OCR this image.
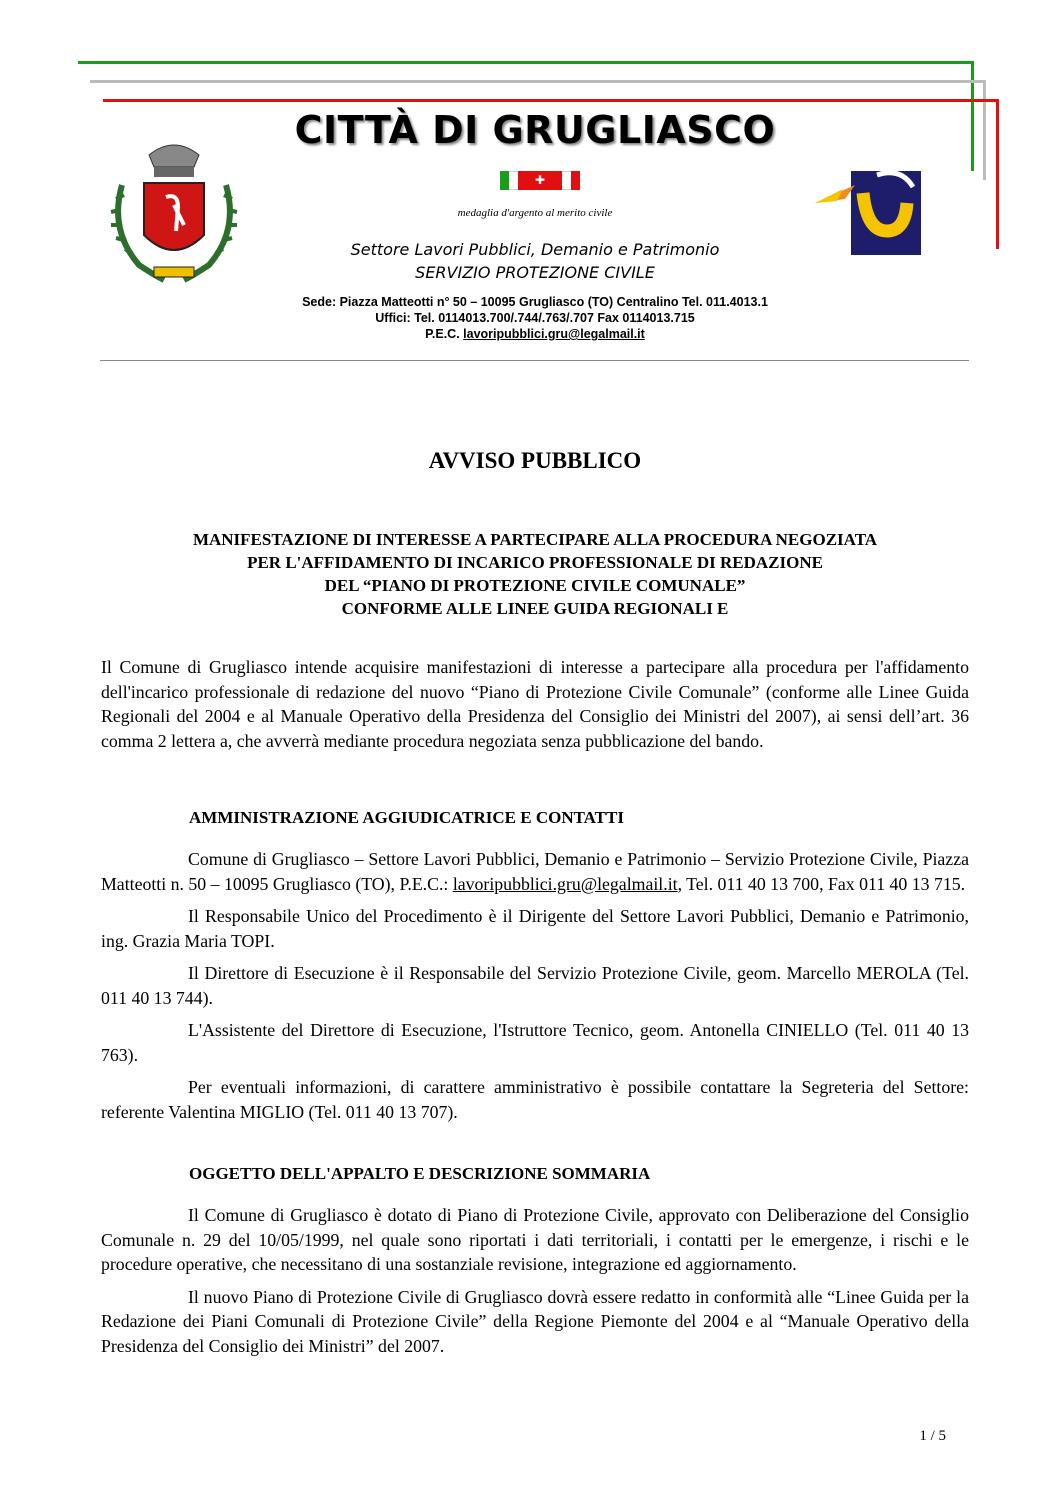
CITTÀ DI GRUGLIASCO
✚
medaglia d'argento al merito civile
Settore Lavori Pubblici, Demanio e Patrimonio
SERVIZIO PROTEZIONE CIVILE
Sede: Piazza Matteotti n° 50 – 10095 Grugliasco (TO) Centralino Tel. 011.4013.1
Uffici: Tel. 0114013.700/.744/.763/.707 Fax 0114013.715
P.E.C. lavoripubblici.gru@legalmail.it
AVVISO PUBBLICO
MANIFESTAZIONE DI INTERESSE A PARTECIPARE ALLA PROCEDURA NEGOZIATA
PER L'AFFIDAMENTO DI INCARICO PROFESSIONALE DI REDAZIONE
DEL “PIANO DI PROTEZIONE CIVILE COMUNALE”
CONFORME ALLE LINEE GUIDA REGIONALI E

Il Comune di Grugliasco intende acquisire manifestazioni di interesse a partecipare alla procedura per l'affidamento dell'incarico professionale di redazione del nuovo “Piano di Protezione Civile Comunale” (conforme alle Linee Guida Regionali del 2004 e al Manuale Operativo della Presidenza del Consiglio dei Ministri del 2007), ai sensi dell’art. 36 comma 2 lettera a, che avverrà mediante procedura negoziata senza pubblicazione del bando.

AMMINISTRAZIONE AGGIUDICATRICE E CONTATTI

Comune di Grugliasco – Settore Lavori Pubblici, Demanio e Patrimonio – Servizio Protezione Civile, Piazza Matteotti n. 50 – 10095 Grugliasco (TO), P.E.C.: lavoripubblici.gru@legalmail.it, Tel. 011 40 13 700, Fax 011 40 13 715.

Il Responsabile Unico del Procedimento è il Dirigente del Settore Lavori Pubblici, Demanio e Patrimonio, ing. Grazia Maria TOPI.

Il Direttore di Esecuzione è il Responsabile del Servizio Protezione Civile, geom. Marcello MEROLA (Tel. 011 40 13 744).

L'Assistente del Direttore di Esecuzione, l'Istruttore Tecnico, geom. Antonella CINIELLO (Tel. 011 40 13 763).

Per eventuali informazioni, di carattere amministrativo è possibile contattare la Segreteria del Settore: referente Valentina MIGLIO (Tel. 011 40 13 707).

OGGETTO DELL'APPALTO E DESCRIZIONE SOMMARIA

Il Comune di Grugliasco è dotato di Piano di Protezione Civile, approvato con Deliberazione del Consiglio Comunale n. 29 del 10/05/1999, nel quale sono riportati i dati territoriali, i contatti per le emergenze, i rischi e le procedure operative, che necessitano di una sostanziale revisione, integrazione ed aggiornamento.

Il nuovo Piano di Protezione Civile di Grugliasco dovrà essere redatto in conformità alle “Linee Guida per la Redazione dei Piani Comunali di Protezione Civile” della Regione Piemonte del 2004 e al “Manuale Operativo della Presidenza del Consiglio dei Ministri” del 2007.

1 / 5
